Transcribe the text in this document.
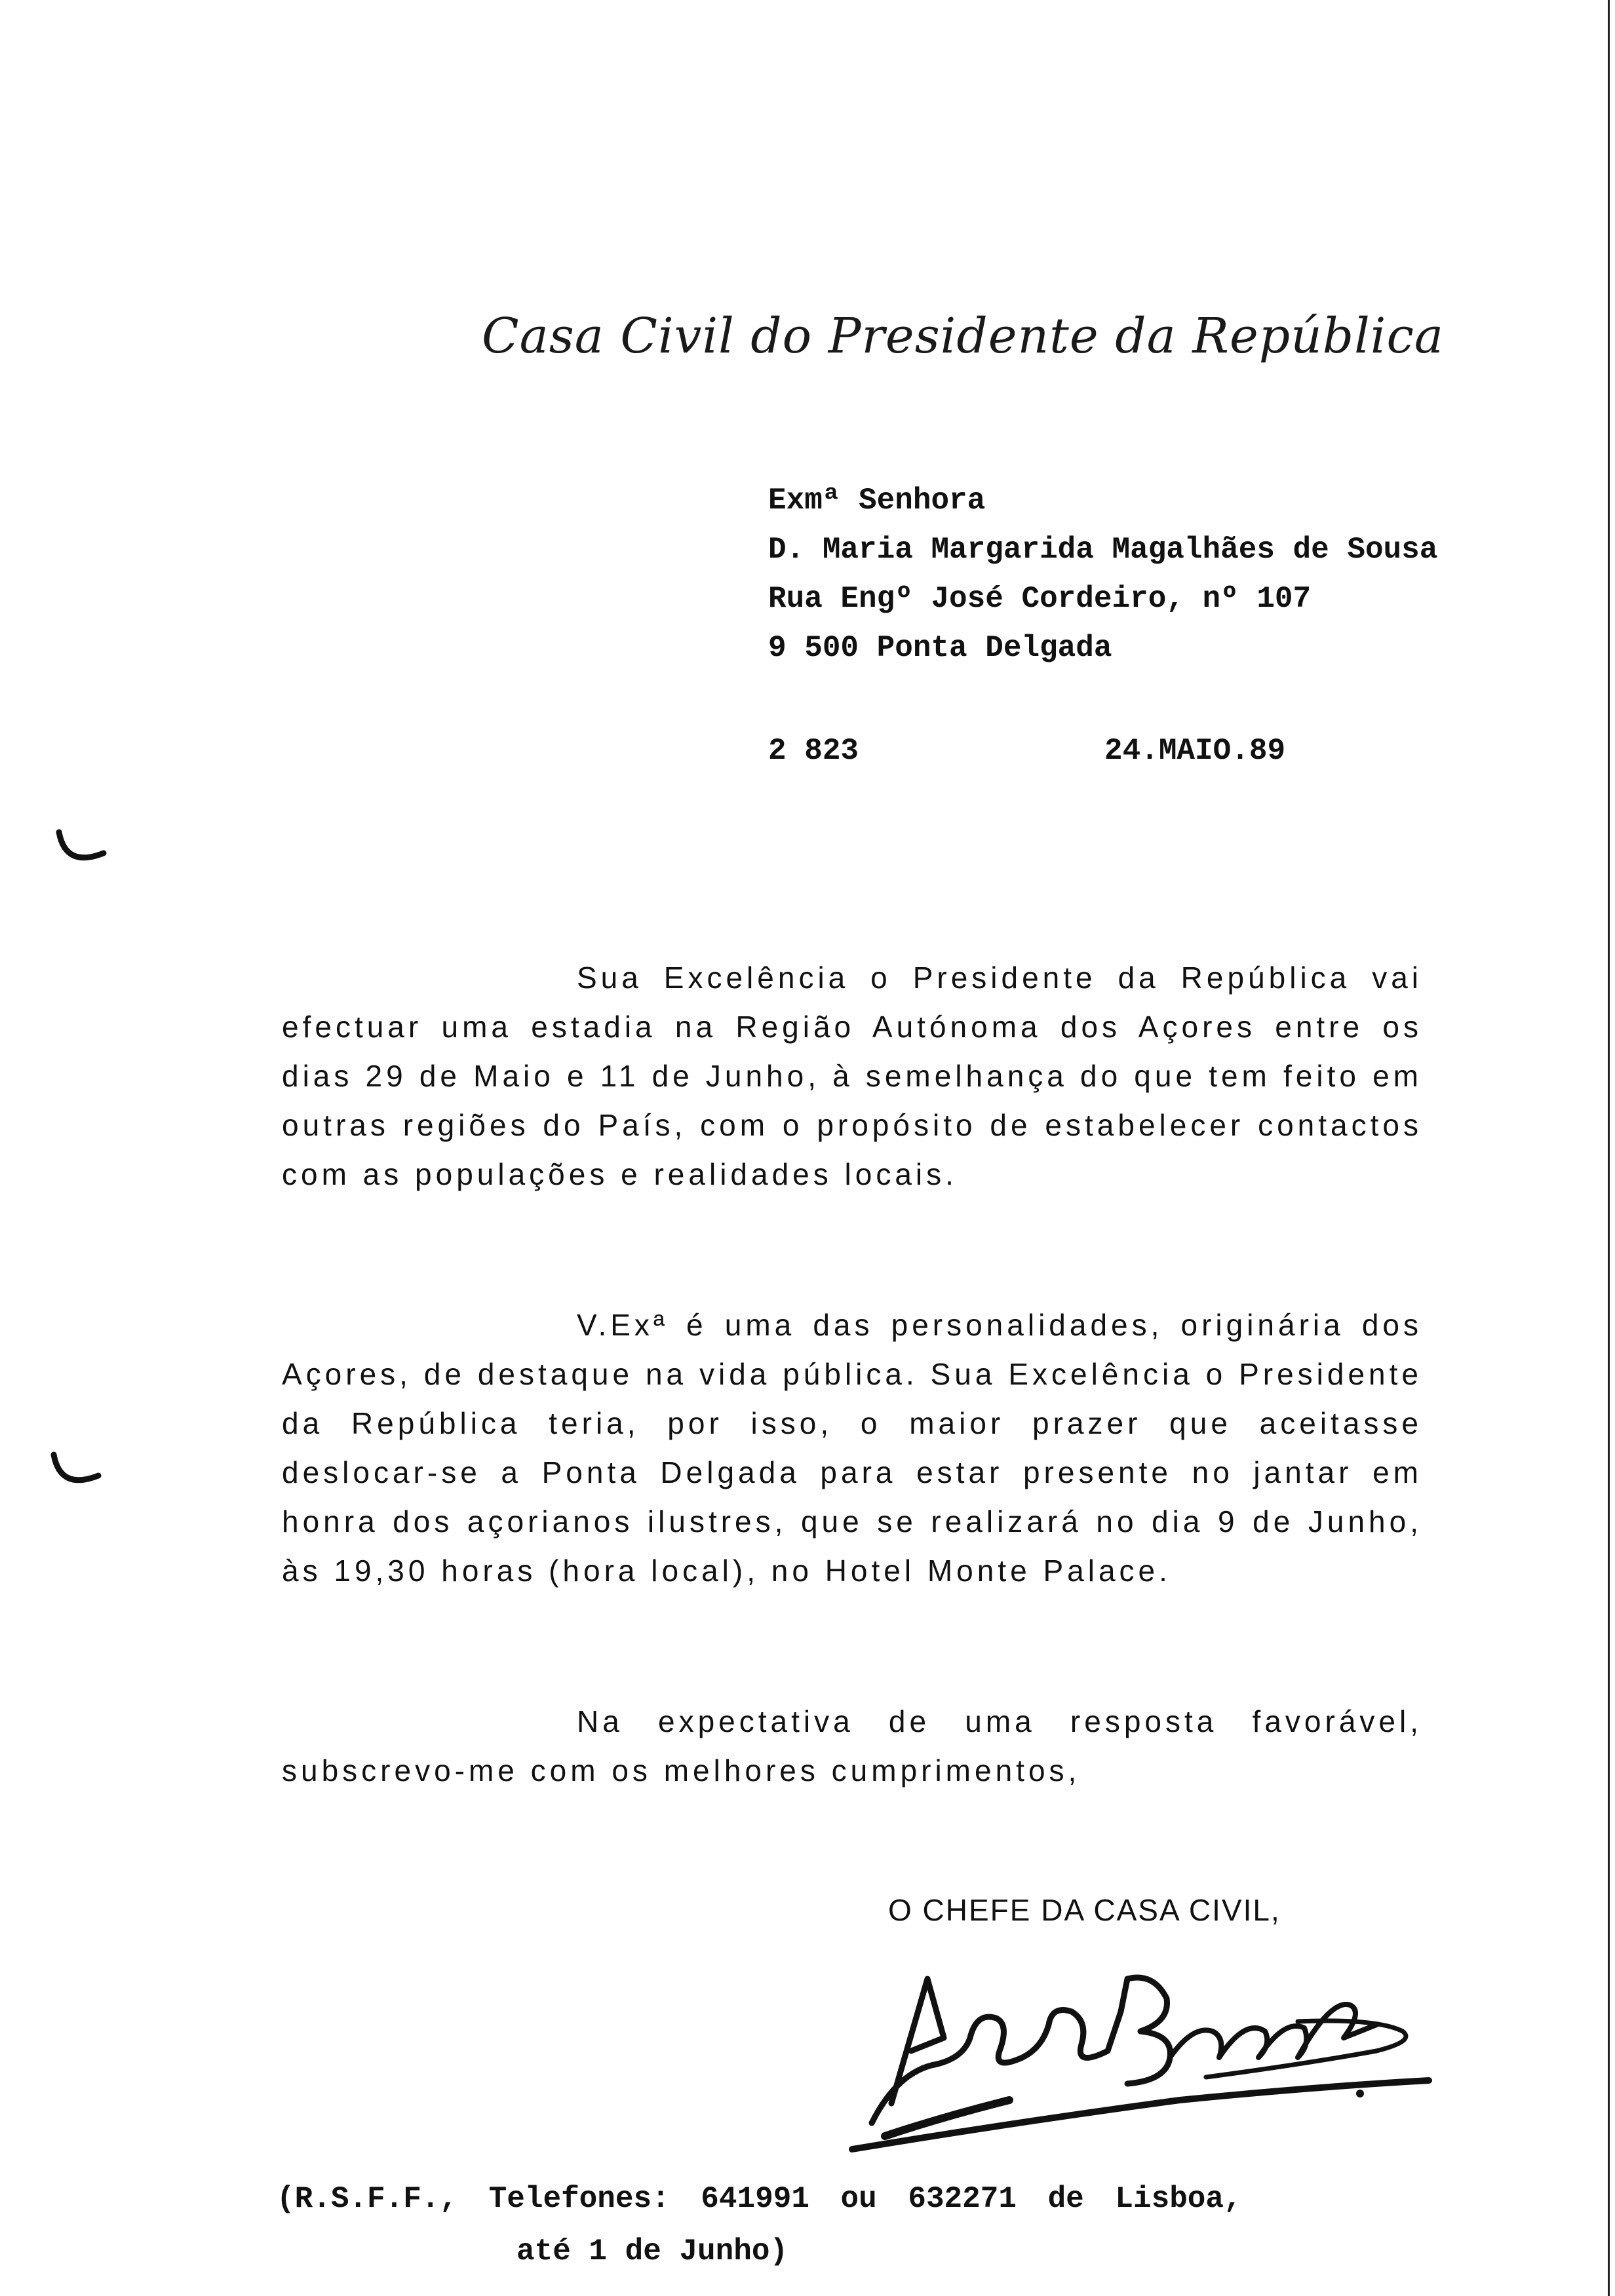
Casa Civil do Presidente da República
Exmª Senhora
D. Maria Margarida Magalhães de Sousa
Rua Engº José Cordeiro, nº 107
9 500 Ponta Delgada
2 823	24.MAIO.89

Sua Excelência o Presidente da República vai efectuar uma estadia na Região Autónoma dos Açores entre os dias 29 de Maio e 11 de Junho, à semelhança do que tem feito em outras regiões do País, com o propósito de estabelecer contactos com as populações e realidades locais.

V.Exª é uma das personalidades, originária dos Açores, de destaque na vida pública. Sua Excelência o Presidente da República teria, por isso, o maior prazer que aceitasse deslocar-se a Ponta Delgada para estar presente no jantar em honra dos açorianos ilustres, que se realizará no dia 9 de Junho, às 19,30 horas (hora local), no Hotel Monte Palace.

Na expectativa de uma resposta favorável, subscrevo-me com os melhores cumprimentos,

O CHEFE DA CASA CIVIL,
(R.S.F.F., Telefones: 641991 ou 632271 de Lisboa,
até 1 de Junho)
